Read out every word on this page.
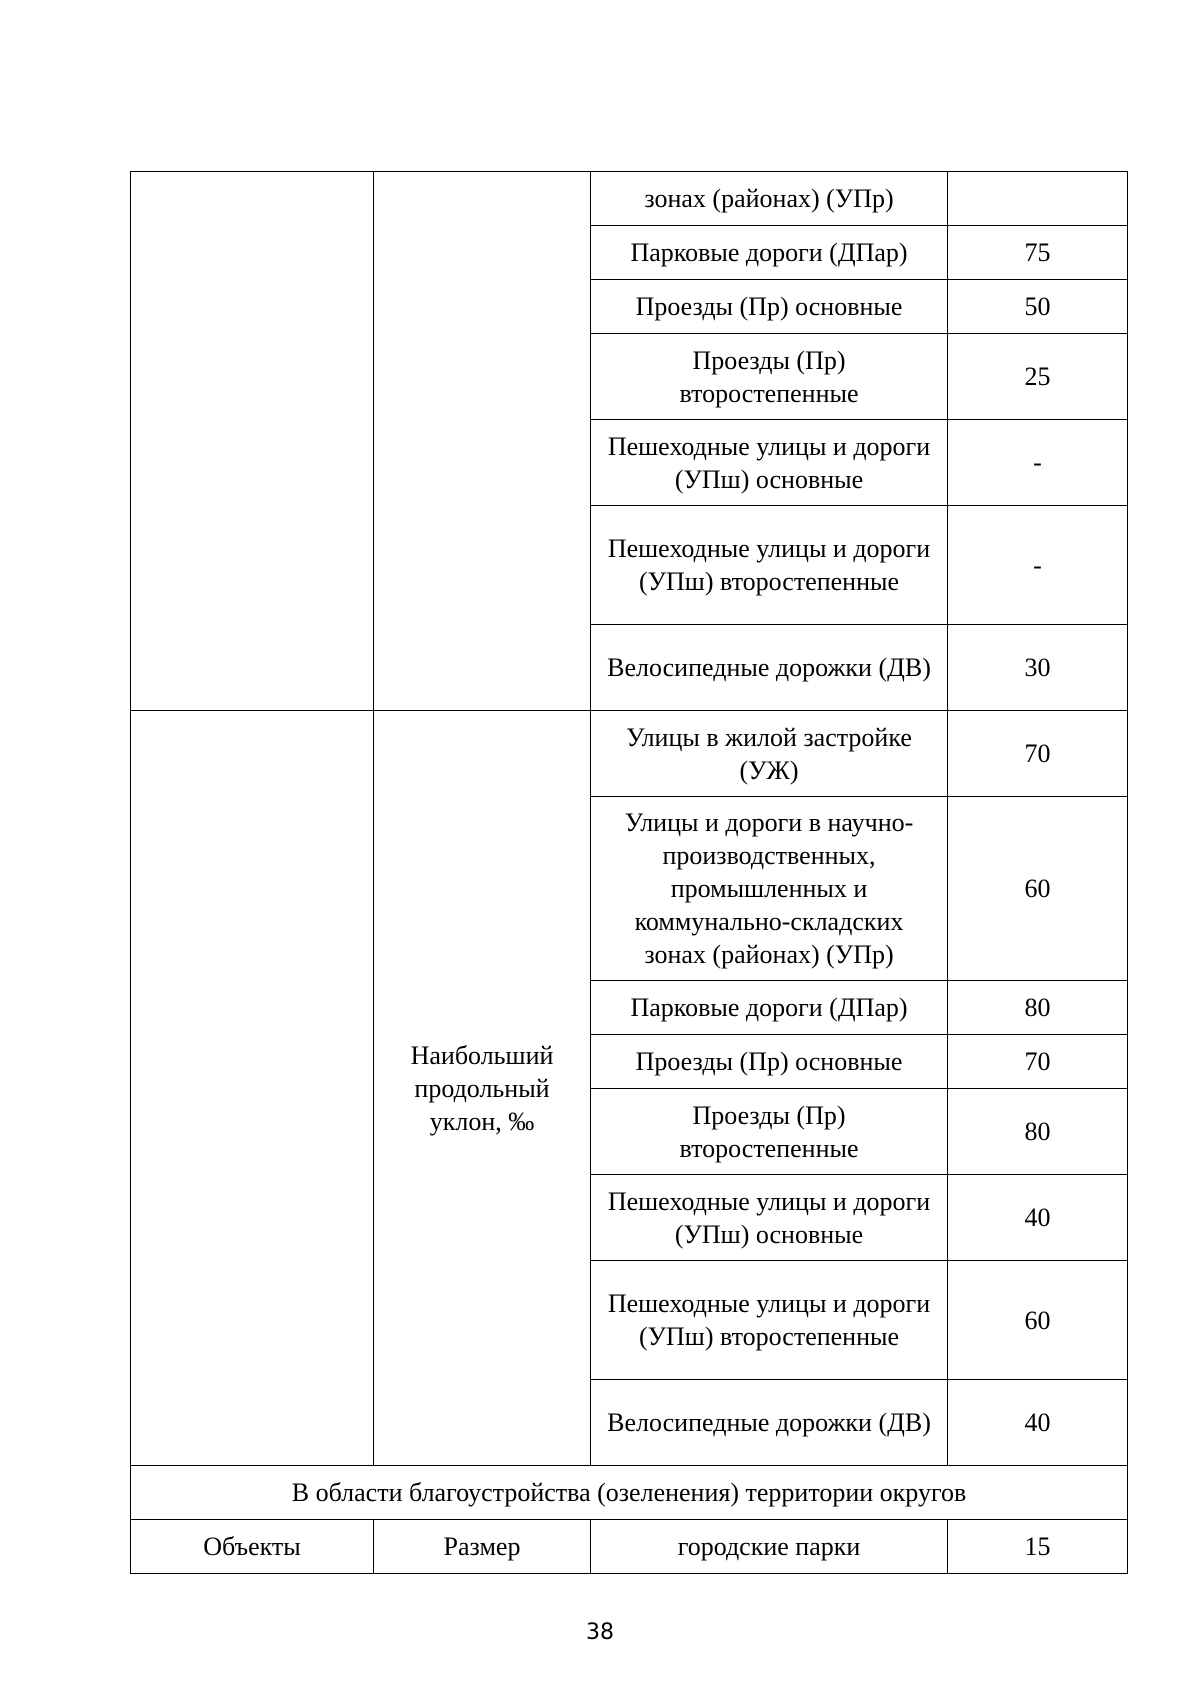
		зонах (районах) (УПр)	
		Парковые дороги (ДПар)	75
		Проезды (Пр) основные	50
		Проезды (Пр) второстепенные	25
		Пешеходные улицы и дороги (УПш) основные	-
		Пешеходные улицы и дороги (УПш) второстепенные	-
		Велосипедные дорожки (ДВ)	30
	Наибольший продольный уклон, ‰	Улицы в жилой застройке (УЖ)	70
		Улицы и дороги в научно-производственных, промышленных и коммунально-складских зонах (районах) (УПр)	60
		Парковые дороги (ДПар)	80
		Проезды (Пр) основные	70
		Проезды (Пр) второстепенные	80
		Пешеходные улицы и дороги (УПш) основные	40
		Пешеходные улицы и дороги (УПш) второстепенные	60
		Велосипедные дорожки (ДВ)	40
В области благоустройства (озеленения) территории округов			
Объекты	Размер	городские парки	15
38
